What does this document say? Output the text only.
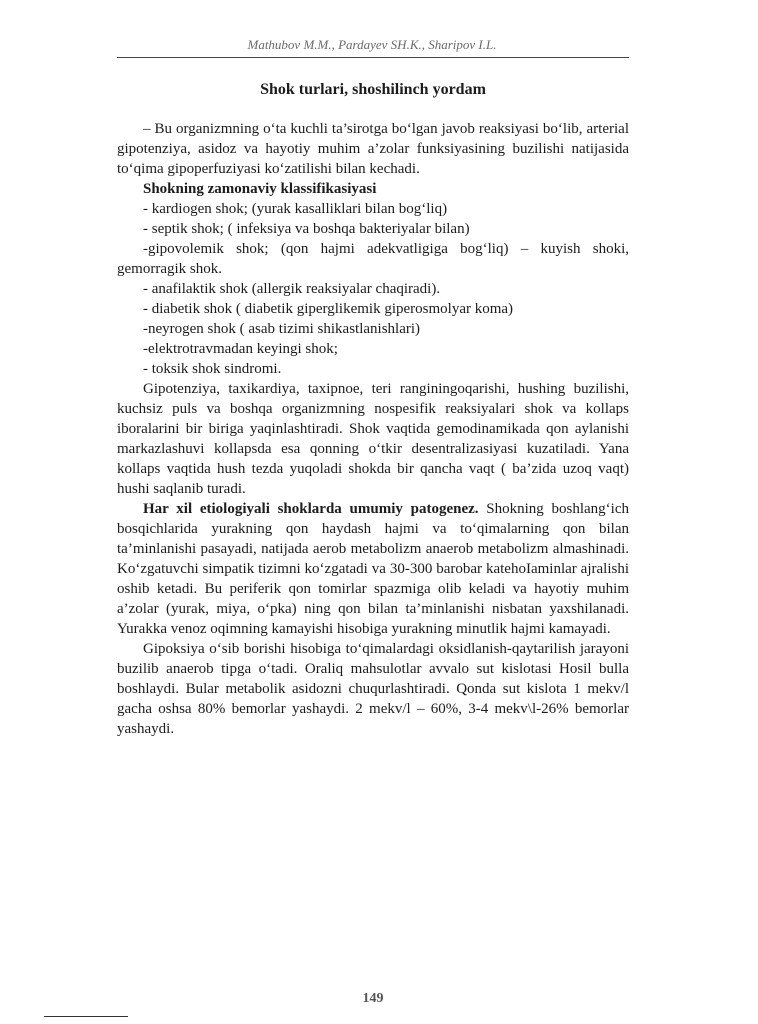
Mathubov M.M., Pardayev SH.K., Sharipov I.L.
Shok turlari, shoshilinch yordam

– Bu organizmning o‘ta kuchli ta’sirotga bo‘lgan javob reaksiyasi bo‘lib, arterial gipotenziya, asidoz va hayotiy muhim a’zolar funksiyasining buzilishi natijasida to‘qima gipoperfuziyasi ko‘zatilishi bilan kechadi.

Shokning zamonaviy klassifikasiyasi

- kardiogen shok; (yurak kasalliklari bilan bog‘liq)

- septik shok; ( infeksiya va boshqa bakteriyalar bilan)

-gipovolemik shok; (qon hajmi adekvatligiga bog‘liq) – kuyish shoki, gemorragik shok.

- anafilaktik shok (allergik reaksiyalar chaqiradi).

- diabetik shok ( diabetik giperglikemik giperosmolyar koma)

-neyrogen shok ( asab tizimi shikastlanishlari)

-elektrotravmadan keyingi shok;

- toksik shok sindromi.

Gipotenziya, taxikardiya, taxipnoe, teri ranginingoqarishi, hushing buzilishi, kuchsiz puls va boshqa organizmning nospesifik reaksiyalari shok va kollaps iboralarini bir biriga yaqinlashtiradi. Shok vaqtida gemodinamikada qon aylanishi markazlashuvi kollapsda esa qonning o‘tkir desentralizasiyasi kuzatiladi. Yana kollaps vaqtida hush tezda yuqoladi shokda bir qancha vaqt ( ba’zida uzoq vaqt) hushi saqlanib turadi.

Har xil etiologiyali shoklarda umumiy patogenez. Shokning boshlang‘ich bosqichlarida yurakning qon haydash hajmi va to‘qimalarning qon bilan ta’minlanishi pasayadi, natijada aerob metabolizm anaerob metabolizm almashinadi. Ko‘zgatuvchi simpatik tizimni ko‘zgatadi va 30-300 barobar katehoIaminlar ajralishi oshib ketadi. Bu periferik qon tomirlar spazmiga olib keladi va hayotiy muhim a’zolar (yurak, miya, o‘pka) ning qon bilan ta’minlanishi nisbatan yaxshilanadi. Yurakka venoz oqimning kamayishi hisobiga yurakning minutlik hajmi kamayadi.

Gipoksiya o‘sib borishi hisobiga to‘qimalardagi oksidlanish-qaytarilish jarayoni buzilib anaerob tipga o‘tadi. Oraliq mahsulotlar avvalo sut kislotasi Hosil bulla boshlaydi. Bular metabolik asidozni chuqurlashtiradi. Qonda sut kislota 1 mekv/l gacha oshsa 80% bemorlar yashaydi. 2 mekv/l – 60%, 3-4 mekv\l-26% bemorlar yashaydi.

149
